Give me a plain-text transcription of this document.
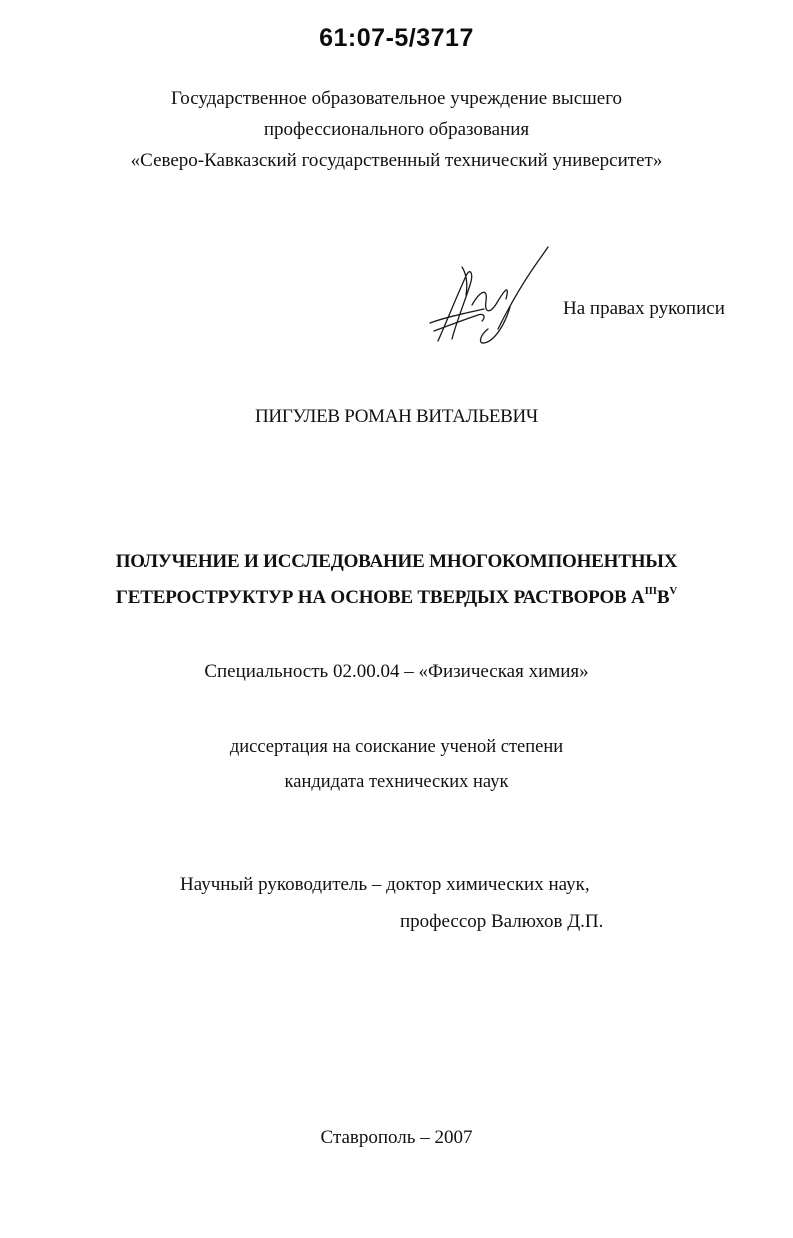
61:07-5/3717
Государственное образовательное учреждение высшего
профессионального образования
«Северо-Кавказский государственный технический университет»
На правах рукописи
ПИГУЛЕВ РОМАН ВИТАЛЬЕВИЧ
ПОЛУЧЕНИЕ И ИССЛЕДОВАНИЕ МНОГОКОМПОНЕНТНЫХ
ГЕТЕРОСТРУКТУР НА ОСНОВЕ ТВЕРДЫХ РАСТВОРОВ $А^{III}В^V$
Специальность 02.00.04 – «Физическая химия»
диссертация на соискание ученой степени
кандидата технических наук
Научный руководитель – доктор химических наук,
профессор Валюхов Д.П.
Ставрополь – 2007
